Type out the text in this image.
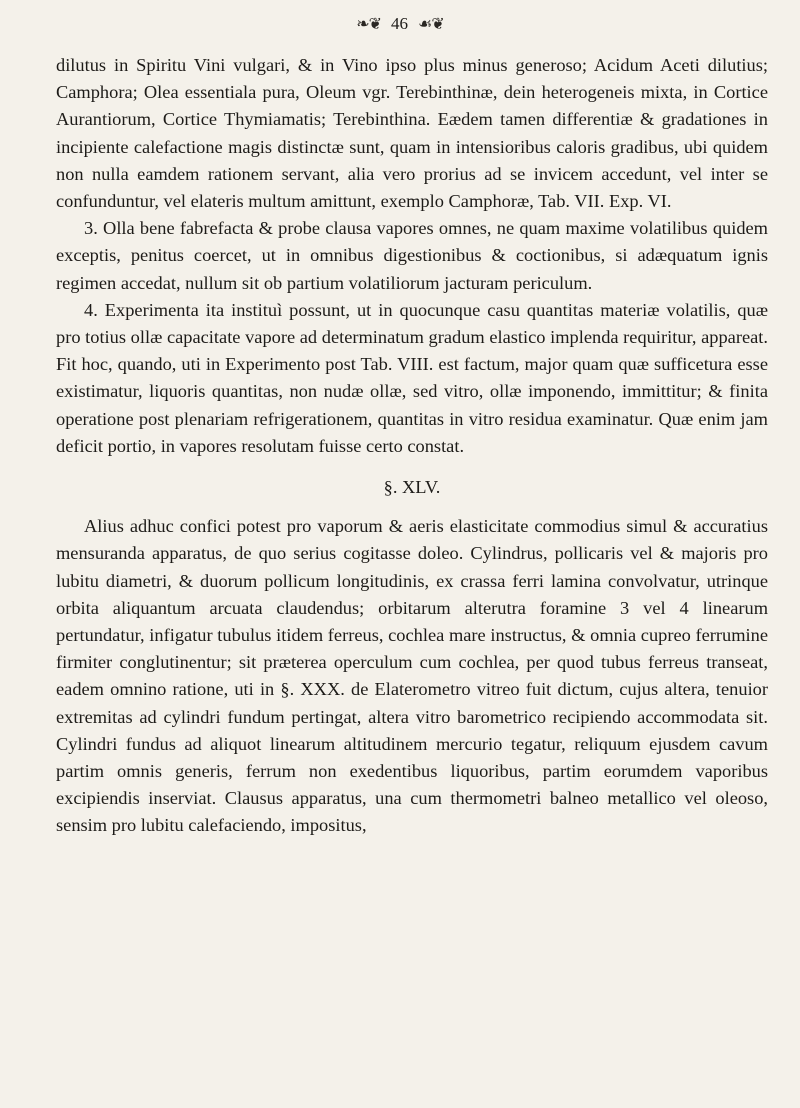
❧❦ 46 ☙❦

dilutus in Spiritu Vini vulgari, & in Vino ipso plus minus generoso; Acidum Aceti dilutius; Camphora; Olea essentiala pura, Oleum vgr. Terebinthinæ, dein heterogeneis mixta, in Cortice Aurantiorum, Cortice Thymiamatis; Terebinthina. Eædem tamen differentiæ & gradationes in incipiente calefactione magis distinctæ sunt, quam in intensioribus caloris gradibus, ubi quidem non nulla eamdem rationem servant, alia vero prorius ad se invicem accedunt, vel inter se confunduntur, vel elateris multum amittunt, exemplo Camphoræ, Tab. VII. Exp. VI.

3. Olla bene fabrefacta & probe clausa vapores omnes, ne quam maxime volatilibus quidem exceptis, penitus coercet, ut in omnibus digestionibus & coctionibus, si adæquatum ignis regimen accedat, nullum sit ob partium volatiliorum jacturam periculum.

4. Experimenta ita instituì possunt, ut in quocunque casu quantitas materiæ volatilis, quæ pro totius ollæ capacitate vapore ad determinatum gradum elastico implenda requiritur, appareat. Fit hoc, quando, uti in Experimento post Tab. VIII. est factum, major quam quæ sufficetura esse existimatur, liquoris quantitas, non nudæ ollæ, sed vitro, ollæ imponendo, immittitur; & finita operatione post plenariam refrigerationem, quantitas in vitro residua examinatur. Quæ enim jam deficit portio, in vapores resolutam fuisse certo constat.

§. XLV.

Alius adhuc confici potest pro vaporum & aeris elasticitate commodius simul & accuratius mensuranda apparatus, de quo serius cogitasse doleo. Cylindrus, pollicaris vel & majoris pro lubitu diametri, & duorum pollicum longitudinis, ex crassa ferri lamina convolvatur, utrinque orbita aliquantum arcuata claudendus; orbitarum alterutra foramine 3 vel 4 linearum pertundatur, infigatur tubulus itidem ferreus, cochlea mare instructus, & omnia cupreo ferrumine firmiter conglutinentur; sit præterea operculum cum cochlea, per quod tubus ferreus transeat, eadem omnino ratione, uti in §. XXX. de Elaterometro vitreo fuit dictum, cujus altera, tenuior extremitas ad cylindri fundum pertingat, altera vitro barometrico recipiendo accommodata sit. Cylindri fundus ad aliquot linearum altitudinem mercurio tegatur, reliquum ejusdem cavum partim omnis generis, ferrum non exedentibus liquoribus, partim eorumdem vaporibus excipiendis inserviat. Clausus apparatus, una cum thermometri balneo metallico vel oleoso, sensim pro lubitu calefaciendo, impositus,
